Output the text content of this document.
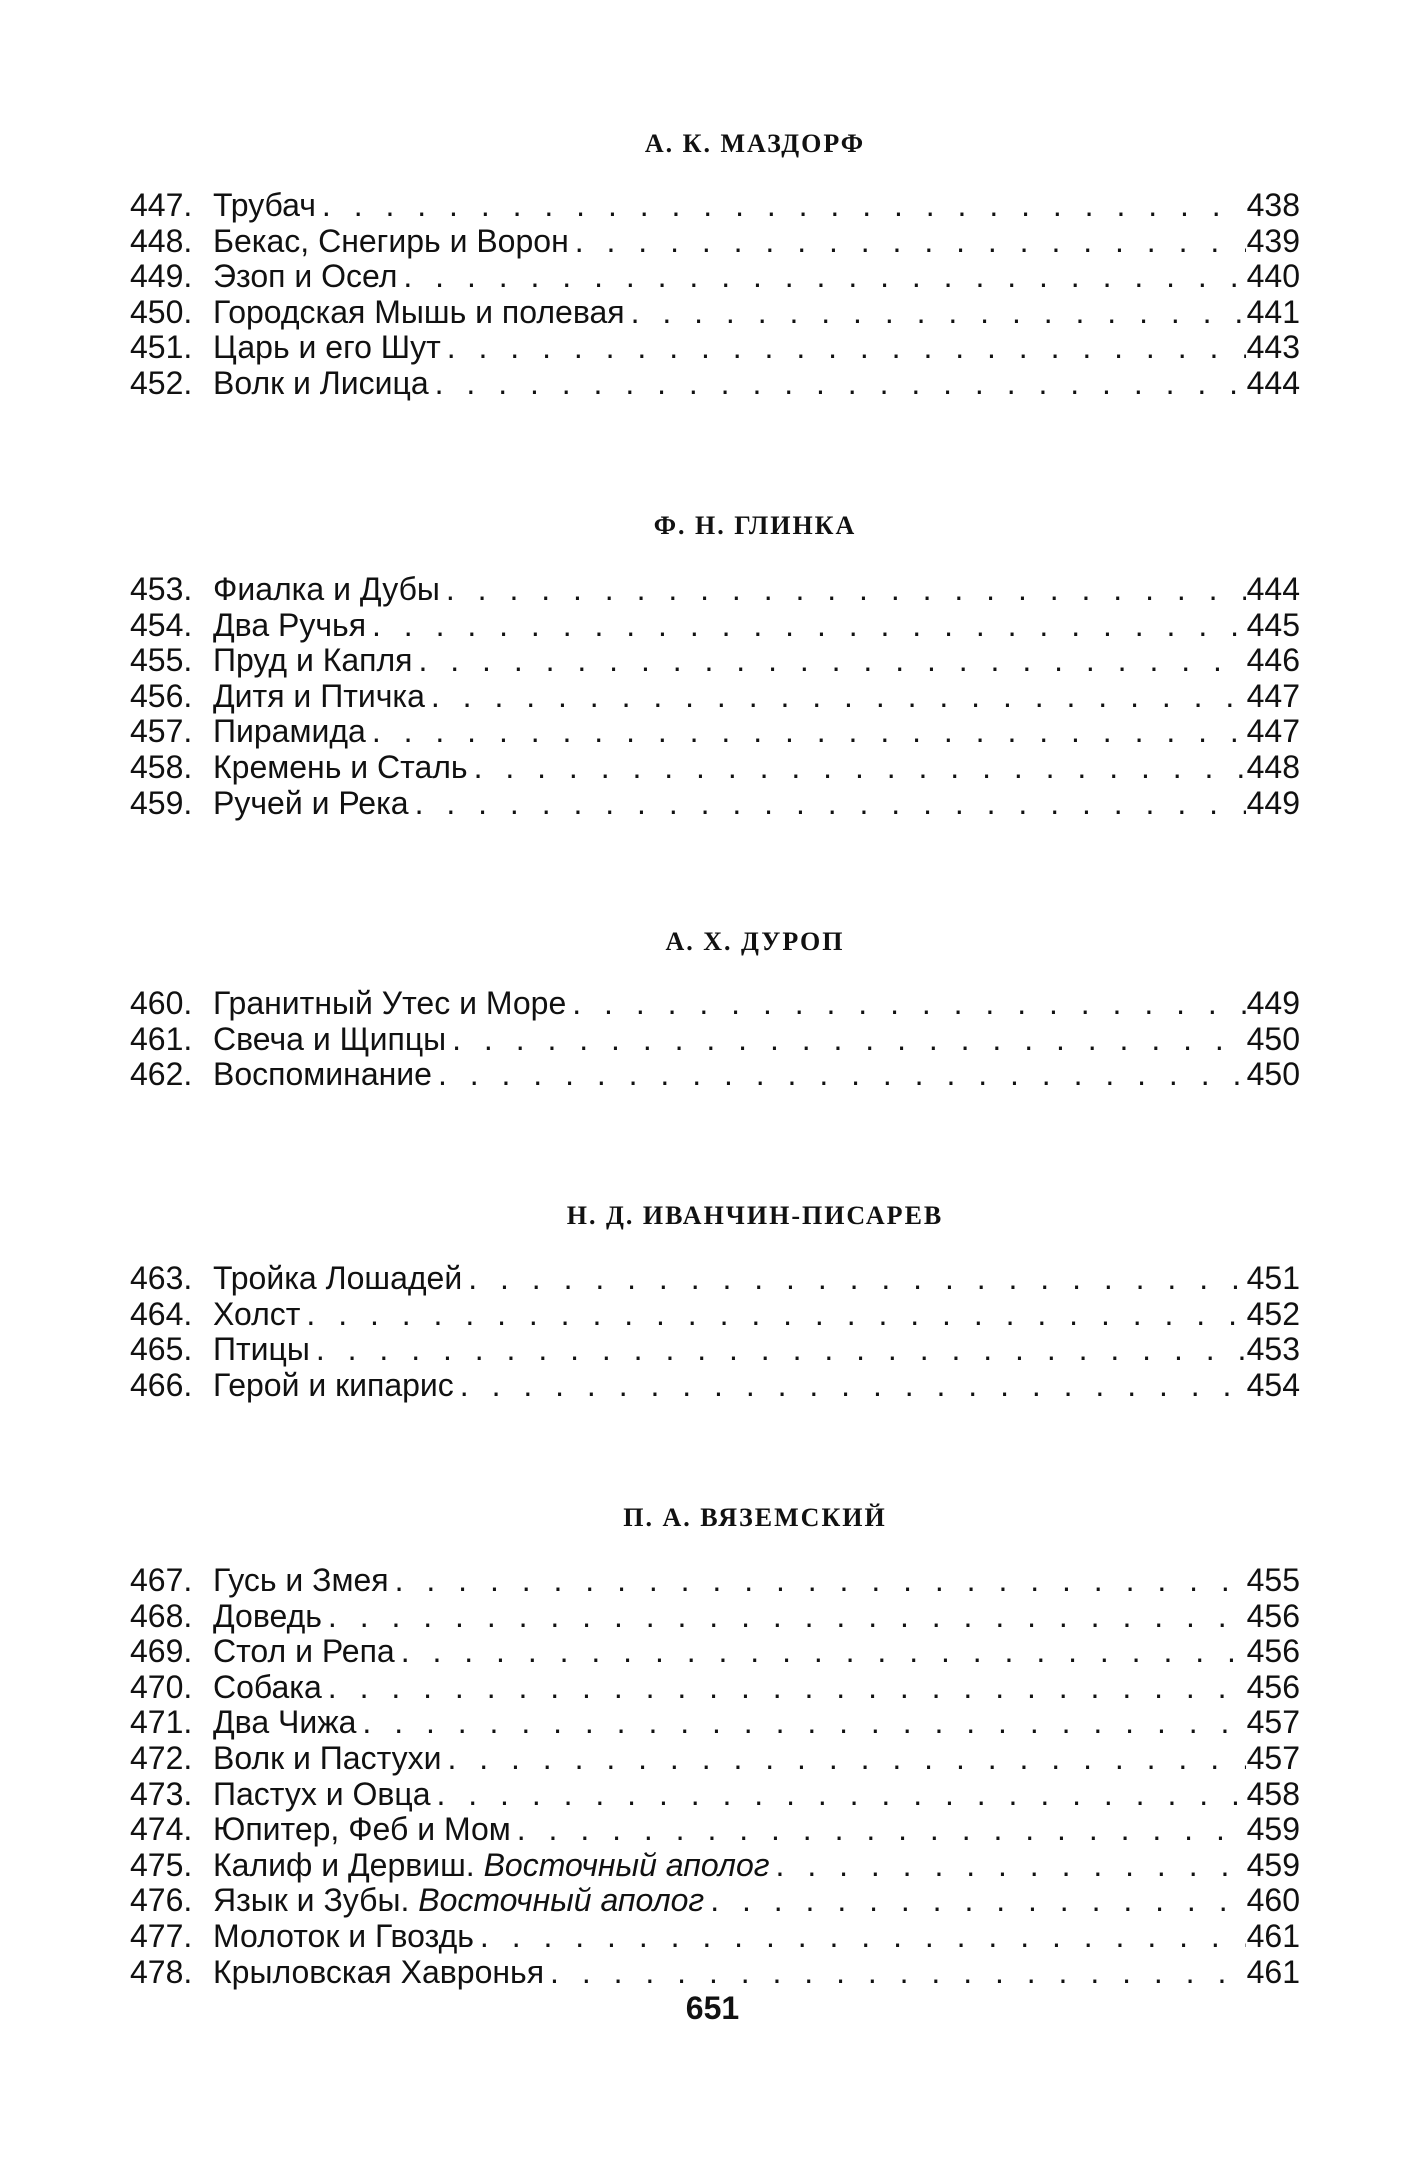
А. К. МАЗДОРФ
447. Трубач . . .	438
448. Бекас, Снегирь и Ворон . . .	439
449. Эзоп и Осел . . .	440
450. Городская Мышь и полевая . . .	441
451. Царь и его Шут . . .	443
452. Волк и Лисица . . .	444
Ф. Н. ГЛИНКА
453. Фиалка и Дубы . . .	444
454. Два Ручья . . .	445
455. Пруд и Капля . . .	446
456. Дитя и Птичка . . .	447
457. Пирамида . . .	447
458. Кремень и Сталь . . .	448
459. Ручей и Река . . .	449
А. Х. ДУРОП
460. Гранитный Утес и Море . . .	449
461. Свеча и Щипцы . . .	450
462. Воспоминание . . .	450
Н. Д. ИВАНЧИН-ПИСАРЕВ
463. Тройка Лошадей . . .	451
464. Холст . . .	452
465. Птицы . . .	453
466. Герой и кипарис . . .	454
П. А. ВЯЗЕМСКИЙ
467. Гусь и Змея . . .	455
468. Доведь . . .	456
469. Стол и Репа . . .	456
470. Собака . . .	456
471. Два Чижа . . .	457
472. Волк и Пастухи . . .	457
473. Пастух и Овца . . .	458
474. Юпитер, Феб и Мом . . .	459
475. Калиф и Дервиш. Восточный аполог . . .	459
476. Язык и Зубы. Восточный аполог . . .	460
477. Молоток и Гвоздь . . .	461
478. Крыловская Хавронья . . .	461
651
